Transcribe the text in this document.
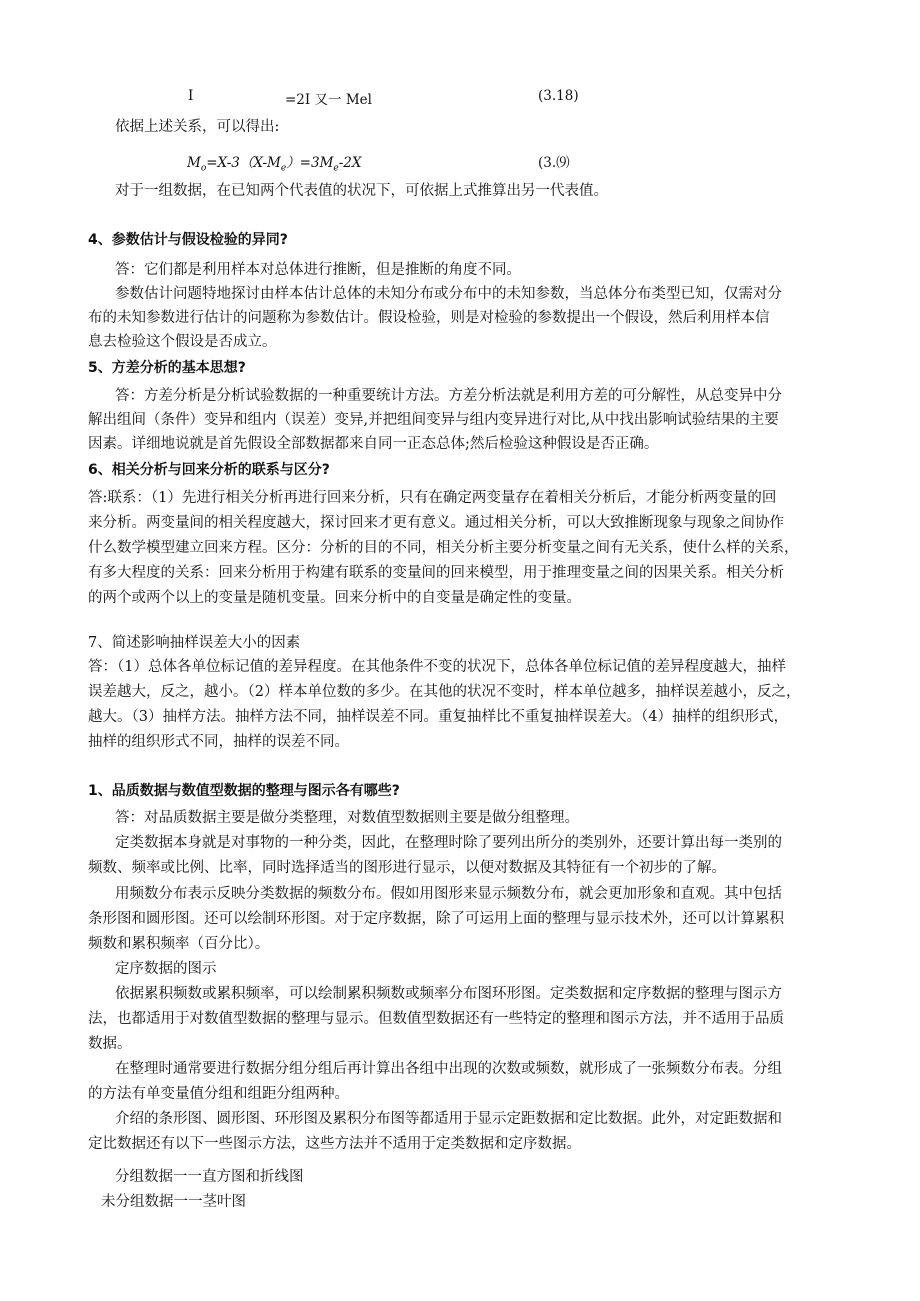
I	=2I 又一 Mel	(3.18)
依据上述关系，可以得出:
$M_o=X-3(X-M_e)=3M_e-2X$	(3.⑼
对于一组数据，在已知两个代表值的状况下，可依据上式推算出另一代表值。
4、参数估计与假设检验的异同?
答：它们都是利用样本对总体进行推断，但是推断的角度不同。
参数估计问题特地探讨由样本估计总体的未知分布或分布中的未知参数，当总体分布类型已知，仅需对分
布的未知参数进行估计的问题称为参数估计。假设检验，则是对检验的参数提出一个假设，然后利用样本信
息去检验这个假设是否成立。
5、方差分析的基本思想?
答：方差分析是分析试验数据的一种重要统计方法。方差分析法就是利用方差的可分解性，从总变异中分
解出组间（条件）变异和组内（误差）变异,并把组间变异与组内变异进行对比,从中找出影响试验结果的主要
因素。详细地说就是首先假设全部数据都来自同一正态总体;然后检验这种假设是否正确。
6、相关分析与回来分析的联系与区分?
答:联系：（1）先进行相关分析再进行回来分析，只有在确定两变量存在着相关分析后，才能分析两变量的回
来分析。两变量间的相关程度越大，探讨回来才更有意义。通过相关分析，可以大致推断现象与现象之间协作
什么数学模型建立回来方程。区分：分析的目的不同，相关分析主要分析变量之间有无关系，使什么样的关系，
有多大程度的关系：回来分析用于构建有联系的变量间的回来模型，用于推理变量之间的因果关系。相关分析
的两个或两个以上的变量是随机变量。回来分析中的自变量是确定性的变量。
7、简述影响抽样误差大小的因素
答：（1）总体各单位标记值的差异程度。在其他条件不变的状况下，总体各单位标记值的差异程度越大，抽样
误差越大，反之，越小。（2）样本单位数的多少。在其他的状况不变时，样本单位越多，抽样误差越小，反之，
越大。（3）抽样方法。抽样方法不同，抽样误差不同。重复抽样比不重复抽样误差大。（4）抽样的组织形式，
抽样的组织形式不同，抽样的误差不同。
1、品质数据与数值型数据的整理与图示各有哪些?
答：对品质数据主要是做分类整理，对数值型数据则主要是做分组整理。
定类数据本身就是对事物的一种分类，因此，在整理时除了要列出所分的类别外，还要计算出每一类别的
频数、频率或比例、比率，同时选择适当的图形进行显示，以便对数据及其特征有一个初步的了解。
用频数分布表示反映分类数据的频数分布。假如用图形来显示频数分布，就会更加形象和直观。其中包括
条形图和圆形图。还可以绘制环形图。对于定序数据，除了可运用上面的整理与显示技术外，还可以计算累积
频数和累积频率（百分比）。
定序数据的图示
依据累积频数或累积频率，可以绘制累积频数或频率分布图环形图。定类数据和定序数据的整理与图示方
法，也都适用于对数值型数据的整理与显示。但数值型数据还有一些特定的整理和图示方法，并不适用于品质
数据。
在整理时通常要进行数据分组分组后再计算出各组中出现的次数或频数，就形成了一张频数分布表。分组
的方法有单变量值分组和组距分组两种。
介绍的条形图、圆形图、环形图及累积分布图等都适用于显示定距数据和定比数据。此外，对定距数据和
定比数据还有以下一些图示方法，这些方法并不适用于定类数据和定序数据。
分组数据一一直方图和折线图
未分组数据一一茎叶图
